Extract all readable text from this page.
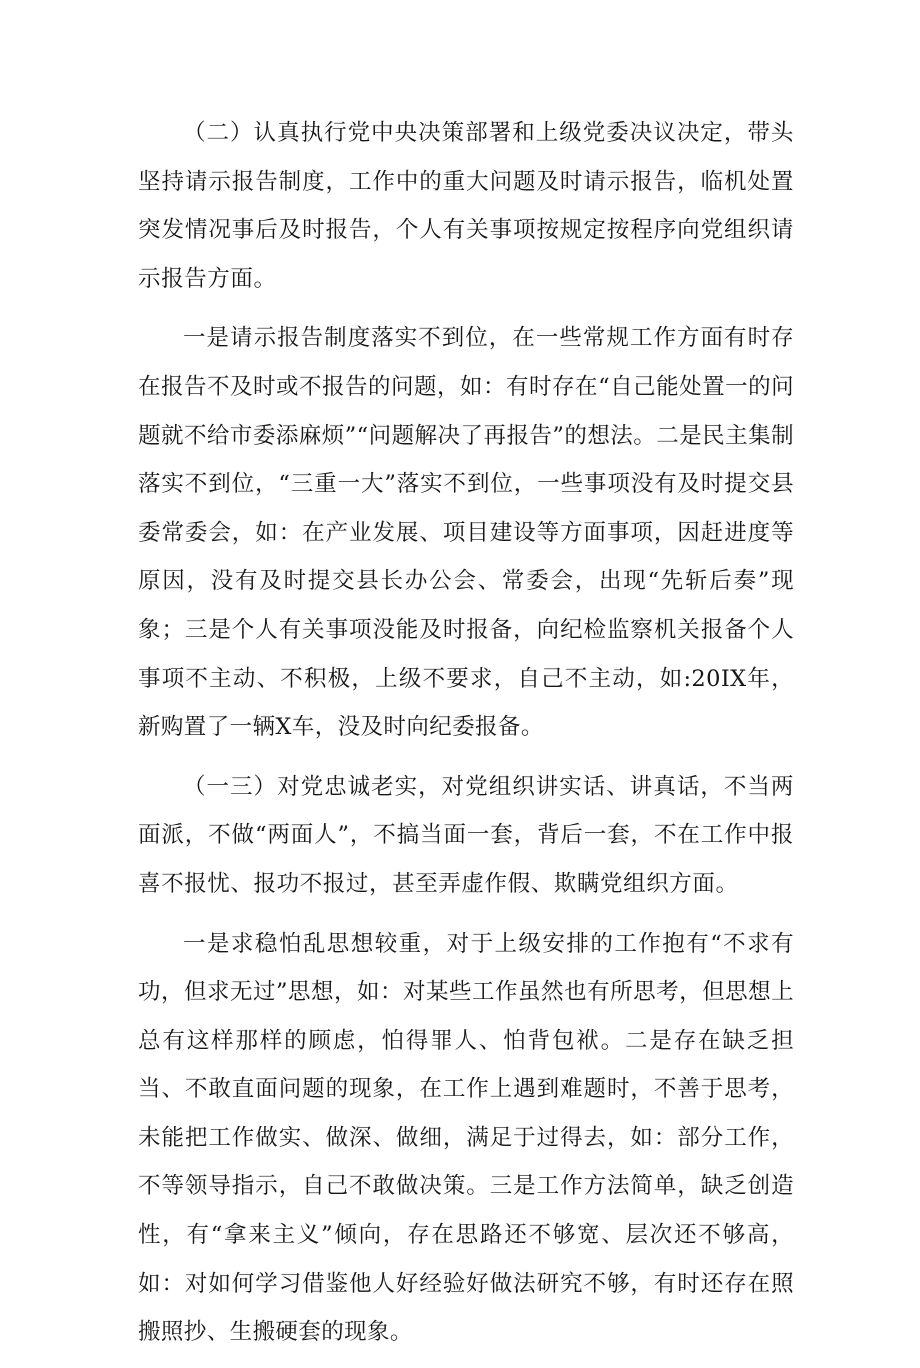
（二）认真执行党中央决策部署和上级党委决议决定，带头坚持请示报告制度，工作中的重大问题及时请示报告，临机处置突发情况事后及时报告，个人有关事项按规定按程序向党组织请示报告方面。

一是请示报告制度落实不到位，在一些常规工作方面有时存在报告不及时或不报告的问题，如：有时存在“自己能处置一的问题就不给市委添麻烦”“问题解决了再报告”的想法。二是民主集制落实不到位，“三重一大”落实不到位，一些事项没有及时提交县委常委会，如：在产业发展、项目建设等方面事项，因赶进度等原因，没有及时提交县长办公会、常委会，出现“先斩后奏”现象；三是个人有关事项没能及时报备，向纪检监察机关报备个人事项不主动、不积极，上级不要求，自己不主动，如:20IX年，新购置了一辆X车，没及时向纪委报备。

（一三）对党忠诚老实，对党组织讲实话、讲真话，不当两面派，不做“两面人”，不搞当面一套，背后一套，不在工作中报喜不报忧、报功不报过，甚至弄虚作假、欺瞒党组织方面。

一是求稳怕乱思想较重，对于上级安排的工作抱有“不求有功，但求无过”思想，如：对某些工作虽然也有所思考，但思想上总有这样那样的顾虑，怕得罪人、怕背包袱。二是存在缺乏担当、不敢直面问题的现象，在工作上遇到难题时，不善于思考，未能把工作做实、做深、做细，满足于过得去，如：部分工作，不等领导指示，自己不敢做决策。三是工作方法简单，缺乏创造性，有“拿来主义”倾向，存在思路还不够宽、层次还不够高，如：对如何学习借鉴他人好经验好做法研究不够，有时还存在照搬照抄、生搬硬套的现象。
